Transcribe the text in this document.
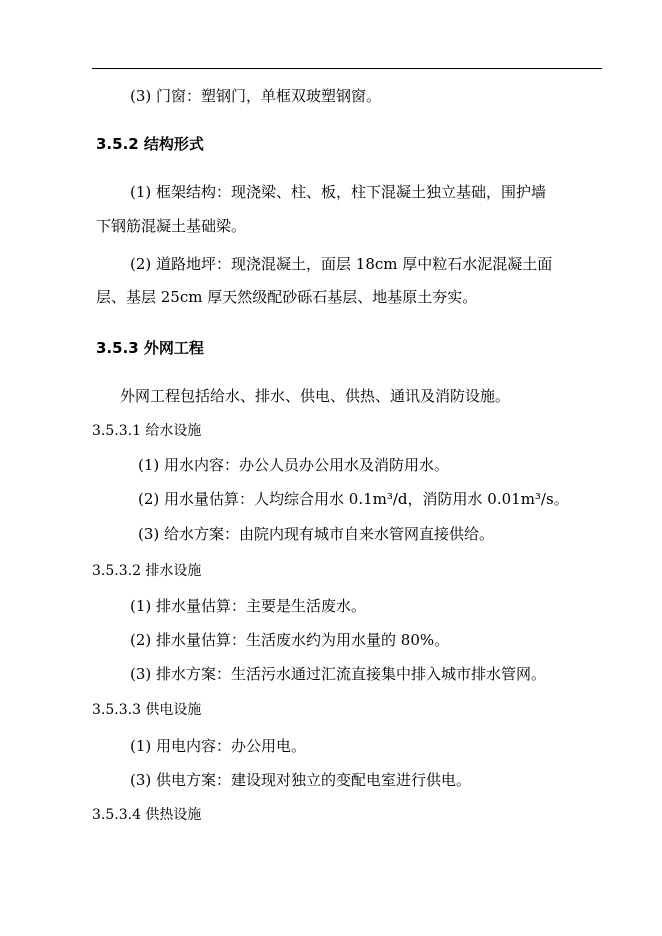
(3) 门窗：塑钢门，单框双玻塑钢窗。
3.5.2 结构形式
(1) 框架结构：现浇梁、柱、板，柱下混凝土独立基础，围护墙
下钢筋混凝土基础梁。
(2) 道路地坪：现浇混凝土，面层 18cm 厚中粒石水泥混凝土面
层、基层 25cm 厚天然级配砂砾石基层、地基原土夯实。
3.5.3 外网工程
外网工程包括给水、排水、供电、供热、通讯及消防设施。
3.5.3.1 给水设施
(1) 用水内容：办公人员办公用水及消防用水。
(2) 用水量估算：人均综合用水 0.1m³/d，消防用水 0.01m³/s。
(3) 给水方案：由院内现有城市自来水管网直接供给。
3.5.3.2 排水设施
(1) 排水量估算：主要是生活废水。
(2) 排水量估算：生活废水约为用水量的 80%。
(3) 排水方案：生活污水通过汇流直接集中排入城市排水管网。
3.5.3.3 供电设施
(1) 用电内容：办公用电。
(3) 供电方案：建设现对独立的变配电室进行供电。
3.5.3.4 供热设施
